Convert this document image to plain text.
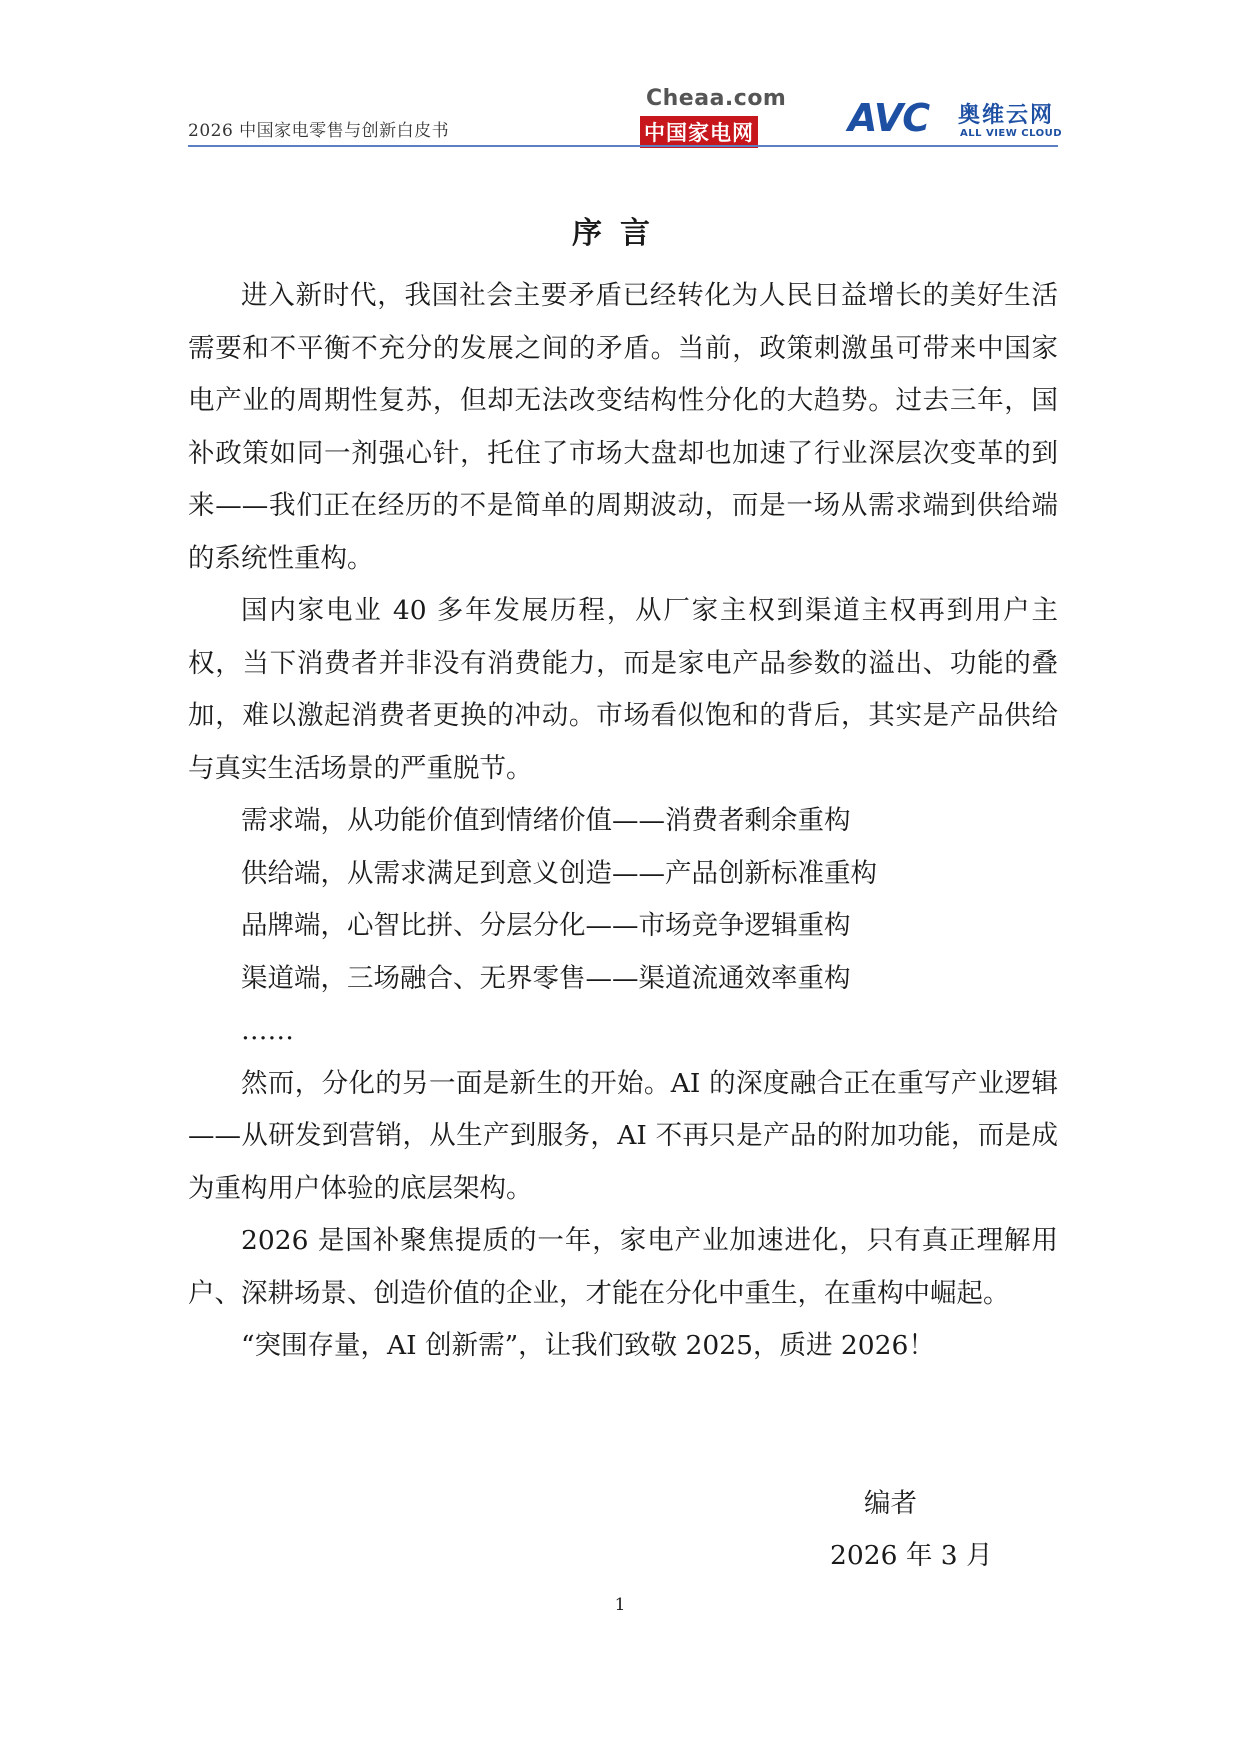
2026 中国家电零售与创新白皮书
Cheaa.com
中国家电网 AVC 奥维云网
ALL VIEW CLOUD
序言

进入新时代，我国社会主要矛盾已经转化为人民日益增长的美好生活需要和不平衡不充分的发展之间的矛盾。当前，政策刺激虽可带来中国家电产业的周期性复苏，但却无法改变结构性分化的大趋势。过去三年，国补政策如同一剂强心针，托住了市场大盘却也加速了行业深层次变革的到来——我们正在经历的不是简单的周期波动，而是一场从需求端到供给端的系统性重构。

国内家电业 40 多年发展历程，从厂家主权到渠道主权再到用户主权，当下消费者并非没有消费能力，而是家电产品参数的溢出、功能的叠加，难以激起消费者更换的冲动。市场看似饱和的背后，其实是产品供给与真实生活场景的严重脱节。

需求端，从功能价值到情绪价值——消费者剩余重构

供给端，从需求满足到意义创造——产品创新标准重构

品牌端，心智比拼、分层分化——市场竞争逻辑重构

渠道端，三场融合、无界零售——渠道流通效率重构

……

然而，分化的另一面是新生的开始。AI 的深度融合正在重写产业逻辑——从研发到营销，从生产到服务，AI 不再只是产品的附加功能，而是成为重构用户体验的底层架构。

2026 是国补聚焦提质的一年，家电产业加速进化，只有真正理解用户、深耕场景、创造价值的企业，才能在分化中重生，在重构中崛起。

“突围存量，AI 创新需”，让我们致敬 2025，质进 2026！

编者
2026 年 3 月
1
